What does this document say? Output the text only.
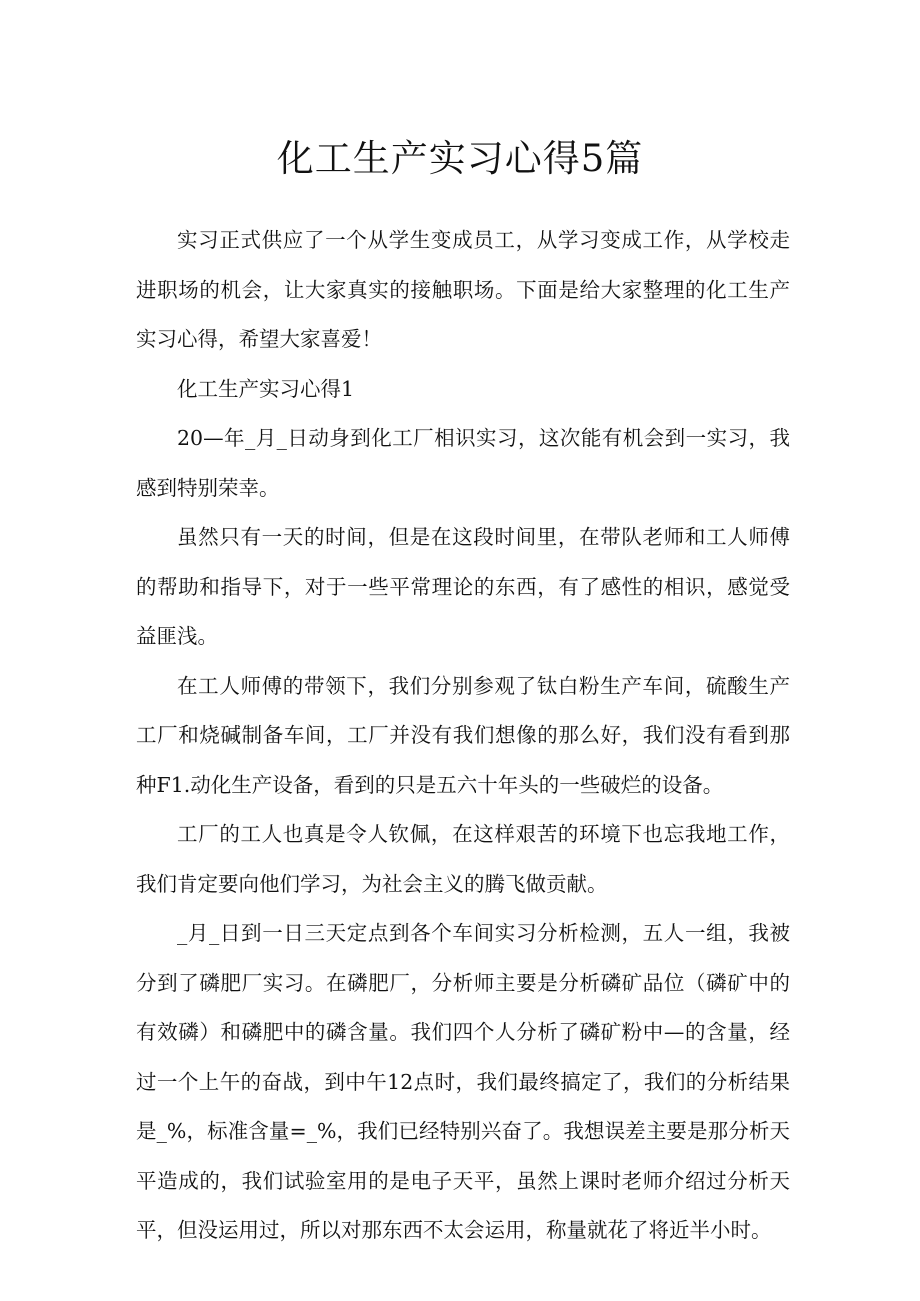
化工生产实习心得5篇

实习正式供应了一个从学生变成员工，从学习变成工作，从学校走进职场的机会，让大家真实的接触职场。下面是给大家整理的化工生产实习心得，希望大家喜爱！

化工生产实习心得1

20—年_月_日动身到化工厂相识实习，这次能有机会到一实习，我感到特别荣幸。

虽然只有一天的时间，但是在这段时间里，在带队老师和工人师傅的帮助和指导下，对于一些平常理论的东西，有了感性的相识，感觉受益匪浅。

在工人师傅的带领下，我们分别参观了钛白粉生产车间，硫酸生产工厂和烧碱制备车间，工厂并没有我们想像的那么好，我们没有看到那种F1.动化生产设备，看到的只是五六十年头的一些破烂的设备。

工厂的工人也真是令人钦佩，在这样艰苦的环境下也忘我地工作，我们肯定要向他们学习，为社会主义的腾飞做贡献。

_月_日到一日三天定点到各个车间实习分析检测，五人一组，我被分到了磷肥厂实习。在磷肥厂，分析师主要是分析磷矿品位（磷矿中的有效磷）和磷肥中的磷含量。我们四个人分析了磷矿粉中—的含量，经过一个上午的奋战，到中午12点时，我们最终搞定了，我们的分析结果是_%，标准含量=_%，我们已经特别兴奋了。我想误差主要是那分析天平造成的，我们试验室用的是电子天平，虽然上课时老师介绍过分析天平，但没运用过，所以对那东西不太会运用，称量就花了将近半小时。
